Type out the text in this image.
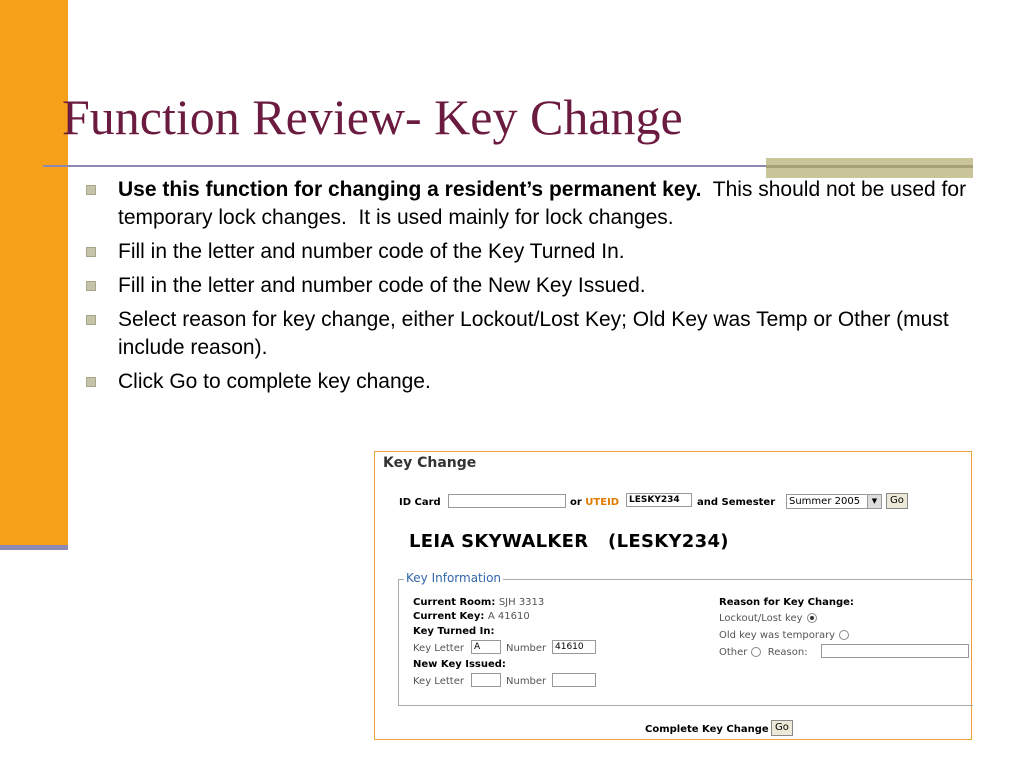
Function Review- Key Change
Use this function for changing a resident’s permanent key.  This should not be used for temporary lock changes.  It is used mainly for lock changes.
Fill in the letter and number code of the Key Turned In.
Fill in the letter and number code of the New Key Issued.
Select reason for key change, either Lockout/Lost Key; Old Key was Temp or Other (must include reason).
Click Go to complete key change.
Key Change
ID Card	or UTEID	LESKY234	and Semester	Summer 2005	▼	Go
LEIA SKYWALKER   (LESKY234)
Key Information
Current Room: SJH 3313
Current Key: A 41610
Key Turned In:
Key Letter	A	Number 41610
New Key Issued:
Key Letter	Number
Reason for Key Change:
Lockout/Lost key
Old key was temporary
Other Reason:
Complete Key Change Go
